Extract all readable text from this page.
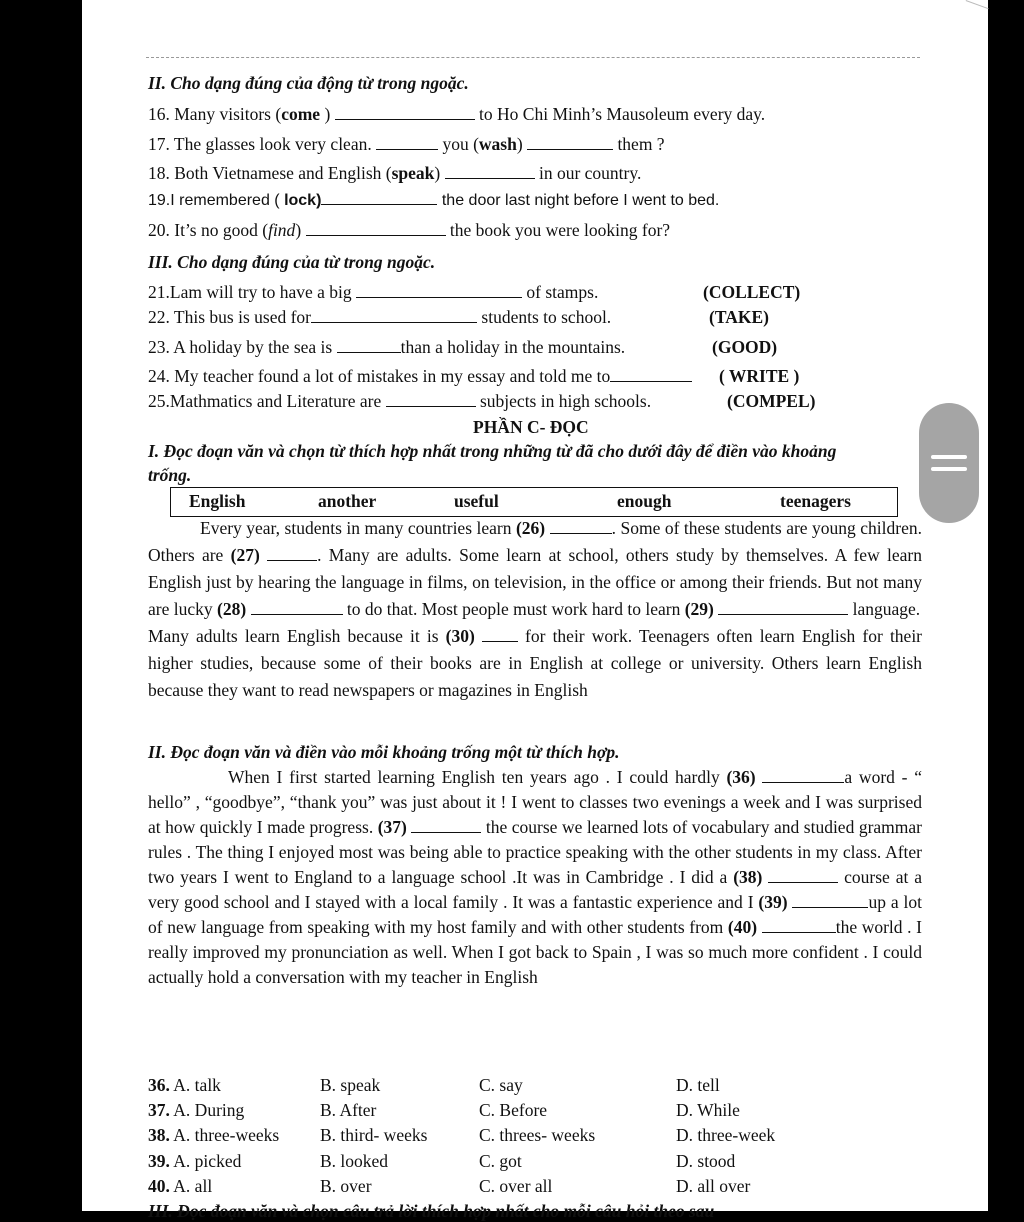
II. Cho dạng đúng của động từ trong ngoặc.
16. Many visitors (come )	to Ho Chi Minh’s Mausoleum every day.
17. The glasses look very clean.	you (wash)	them ?
18. Both Vietnamese and English (speak)	in our country.
19.I remembered ( lock)	the door last night before I went to bed.
20. It’s no good (find)	the book you were looking for?
III. Cho dạng đúng của từ trong ngoặc.
21.Lam will try to have a big	of stamps.	(COLLECT)
22. This bus is used for	students to school.	(TAKE)
23. A holiday by the sea is	than a holiday in the mountains.	(GOOD)
24. My teacher found a lot of mistakes in my essay and told me to	( WRITE )
25.Mathmatics and Literature are	subjects in high schools.	(COMPEL)
PHẦN C- ĐỌC
I. Đọc đoạn văn và chọn từ thích hợp nhất trong những từ đã cho dưới đây để điền vào khoảng
trống.
English	another	useful	enough	teenagers

Every year, students in many countries learn (26)	. Some of these students are young children. Others are (27)	. Many are adults. Some learn at school, others study by themselves. A few learn English just by hearing the language in films, on television, in the office or among their friends. But not many are lucky (28)	to do that. Most people must work hard to learn (29)	language.

Many adults learn English because it is (30)  for their work. Teenagers often learn English for their higher studies, because some of their books are in English at college or university. Others learn English because they want to read newspapers or magazines in English

II. Đọc đoạn văn và điền vào mỗi khoảng trống một từ thích hợp.

When I first started learning English ten years ago . I could hardly (36)	a word - “ hello” , “goodbye”, “thank you” was just about it ! I went to classes two evenings a week and I was surprised at how quickly I made progress. (37)	the course we learned lots of vocabulary and studied grammar rules . The thing I enjoyed most was being able to practice speaking with the other students in my class. After two years I went to England to a language school .It was in Cambridge . I did a (38)	course at a very good school and I stayed with a local family . It was a fantastic experience and I (39)	up a lot of new language from speaking with my host family and with other students from (40)	the world . I really improved my pronunciation as well. When I got back to Spain , I was so much more confident . I could actually hold a conversation with my teacher in English

36. A. talk	B. speak	C. say	D. tell
37. A. During	B. After	C. Before	D. While
38. A. three-weeks B. third- weeks	C. threes- weeks	D. three-week
39. A. picked	B. looked	C. got	D. stood
40. A. all	B. over	C. over all	D. all over
III. Đọc đoạn văn và chọn câu trả lời thích hợp nhất cho mỗi câu hỏi theo sau
